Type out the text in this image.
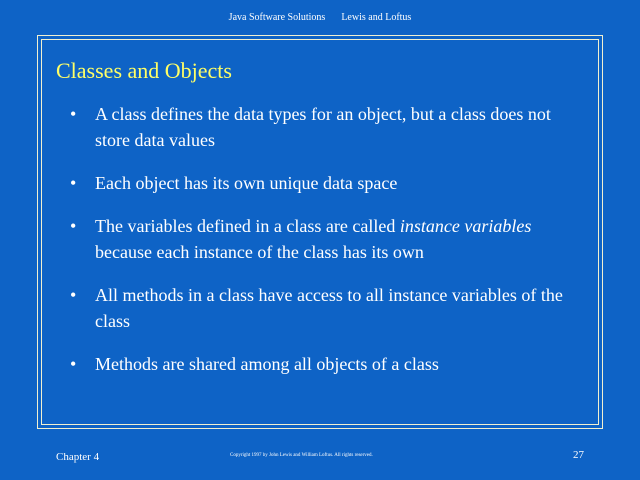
Java Software Solutions Lewis and Loftus
Classes and Objects
• A class defines the data types for an object, but a class does not store data values
• Each object has its own unique data space
• The variables defined in a class are called instance variables because each instance of the class has its own
• All methods in a class have access to all instance variables of the class
• Methods are shared among all objects of a class
Chapter 4	Copyright 1997 by John Lewis and William Loftus. All rights reserved.	27
